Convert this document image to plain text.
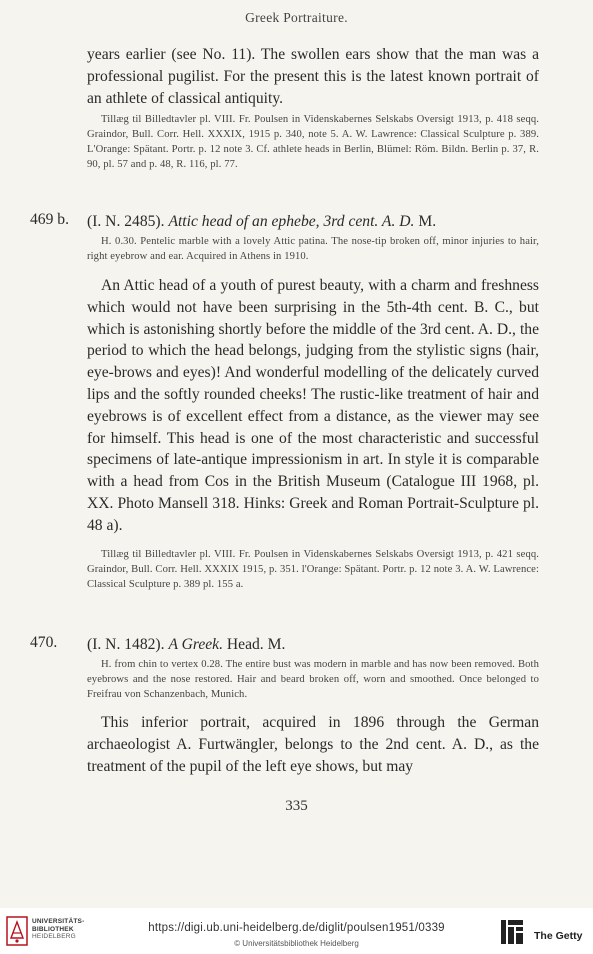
Greek Portraiture.

years earlier (see No. 11). The swollen ears show that the man was a professional pugilist. For the present this is the latest known portrait of an athlete of classical antiquity.

Tillæg til Billedtavler pl. VIII. Fr. Poulsen in Videnskabernes Selskabs Oversigt 1913, p. 418 seqq. Graindor, Bull. Corr. Hell. XXXIX, 1915 p. 340, note 5. A. W. Lawrence: Classical Sculpture p. 389. L'Orange: Spätant. Portr. p. 12 note 3. Cf. athlete heads in Berlin, Blümel: Röm. Bildn. Berlin p. 37, R. 90, pl. 57 and p. 48, R. 116, pl. 77.

469 b. (I. N. 2485). Attic head of an ephebe, 3rd cent. A. D. M.

H. 0.30. Pentelic marble with a lovely Attic patina. The nose-tip broken off, minor injuries to hair, right eyebrow and ear. Acquired in Athens in 1910.

An Attic head of a youth of purest beauty, with a charm and freshness which would not have been surprising in the 5th-4th cent. B. C., but which is astonishing shortly before the middle of the 3rd cent. A. D., the period to which the head belongs, judging from the stylistic signs (hair, eye-brows and eyes)! And wonderful modelling of the delicately curved lips and the softly rounded cheeks! The rustic-like treatment of hair and eyebrows is of excellent effect from a distance, as the viewer may see for himself. This head is one of the most characteristic and successful specimens of late-antique impressionism in art. In style it is comparable with a head from Cos in the British Museum (Catalogue III 1968, pl. XX. Photo Mansell 318. Hinks: Greek and Roman Portrait-Sculpture pl. 48 a).

Tillæg til Billedtavler pl. VIII. Fr. Poulsen in Videnskabernes Selskabs Oversigt 1913, p. 421 seqq. Graindor, Bull. Corr. Hell. XXXIX 1915, p. 351. l'Orange: Spätant. Portr. p. 12 note 3. A. W. Lawrence: Classical Sculpture p. 389 pl. 155 a.

470. (I. N. 1482). A Greek. Head. M.

H. from chin to vertex 0.28. The entire bust was modern in marble and has now been removed. Both eyebrows and the nose restored. Hair and beard broken off, worn and smoothed. Once belonged to Freifrau von Schanzenbach, Munich.

This inferior portrait, acquired in 1896 through the German archaeologist A. Furtwängler, belongs to the 2nd cent. A. D., as the treatment of the pupil of the left eye shows, but may

335
UNIVERSITÄTS-
BIBLIOTHEK
HEIDELBERG
https://digi.ub.uni-heidelberg.de/diglit/poulsen1951/0339
© Universitätsbibliothek Heidelberg
The Getty
